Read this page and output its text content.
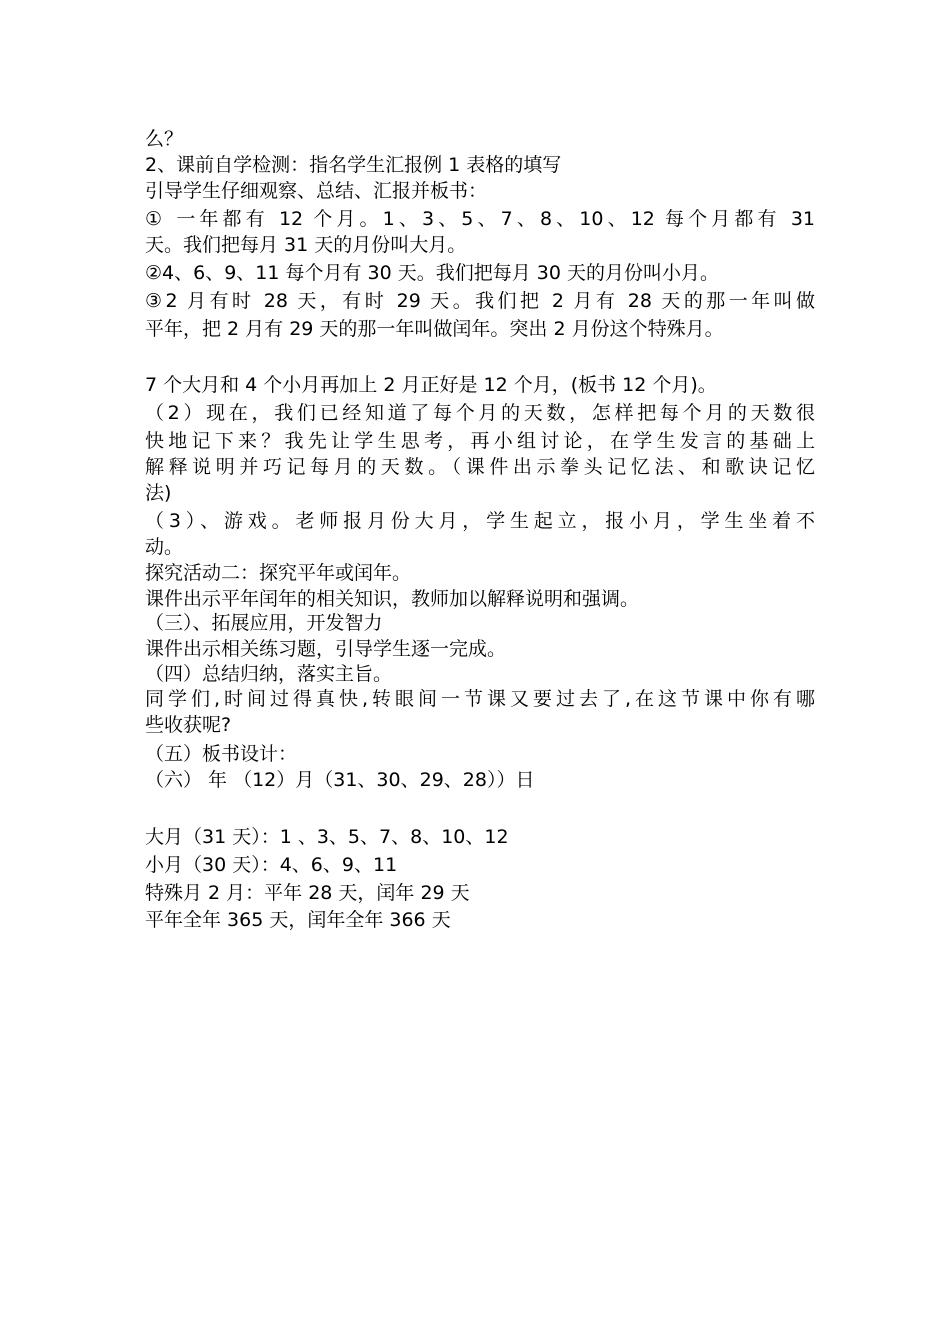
么？
2、课前自学检测：指名学生汇报例 1 表格的填写
引导学生仔细观察、总结、汇报并板书：
① 一年都有 12 个月。1、3、5、7、8、10、12 每个月都有 31
天。我们把每月 31 天的月份叫大月。
②4、6、9、11 每个月有 30 天。我们把每月 30 天的月份叫小月。
③2 月有时 28 天，有时 29 天。我们把 2 月有 28 天的那一年叫做
平年，把 2 月有 29 天的那一年叫做闰年。突出 2 月份这个特殊月。
7 个大月和 4 个小月再加上 2 月正好是 12 个月，(板书 12 个月)。
（2）现在，我们已经知道了每个月的天数，怎样把每个月的天数很
快地记下来？我先让学生思考，再小组讨论，在学生发言的基础上
解释说明并巧记每月的天数。（课件出示拳头记忆法、和歌诀记忆
法)
（3）、游戏。老师报月份大月，学生起立，报小月，学生坐着不
动。
探究活动二：探究平年或闰年。
课件出示平年闰年的相关知识，教师加以解释说明和强调。
（三）、拓展应用，开发智力
课件出示相关练习题，引导学生逐一完成。
（四）总结归纳，落实主旨。
同学们,时间过得真快,转眼间一节课又要过去了,在这节课中你有哪
些收获呢?
（五）板书设计：
（六） 年 （12）月（31、30、29、28））日
大月（31 天）：1 、3、5、7、8、10、12
小月（30 天）：4、6、9、11
特殊月 2 月：平年 28 天，闰年 29 天
平年全年 365 天，闰年全年 366 天
